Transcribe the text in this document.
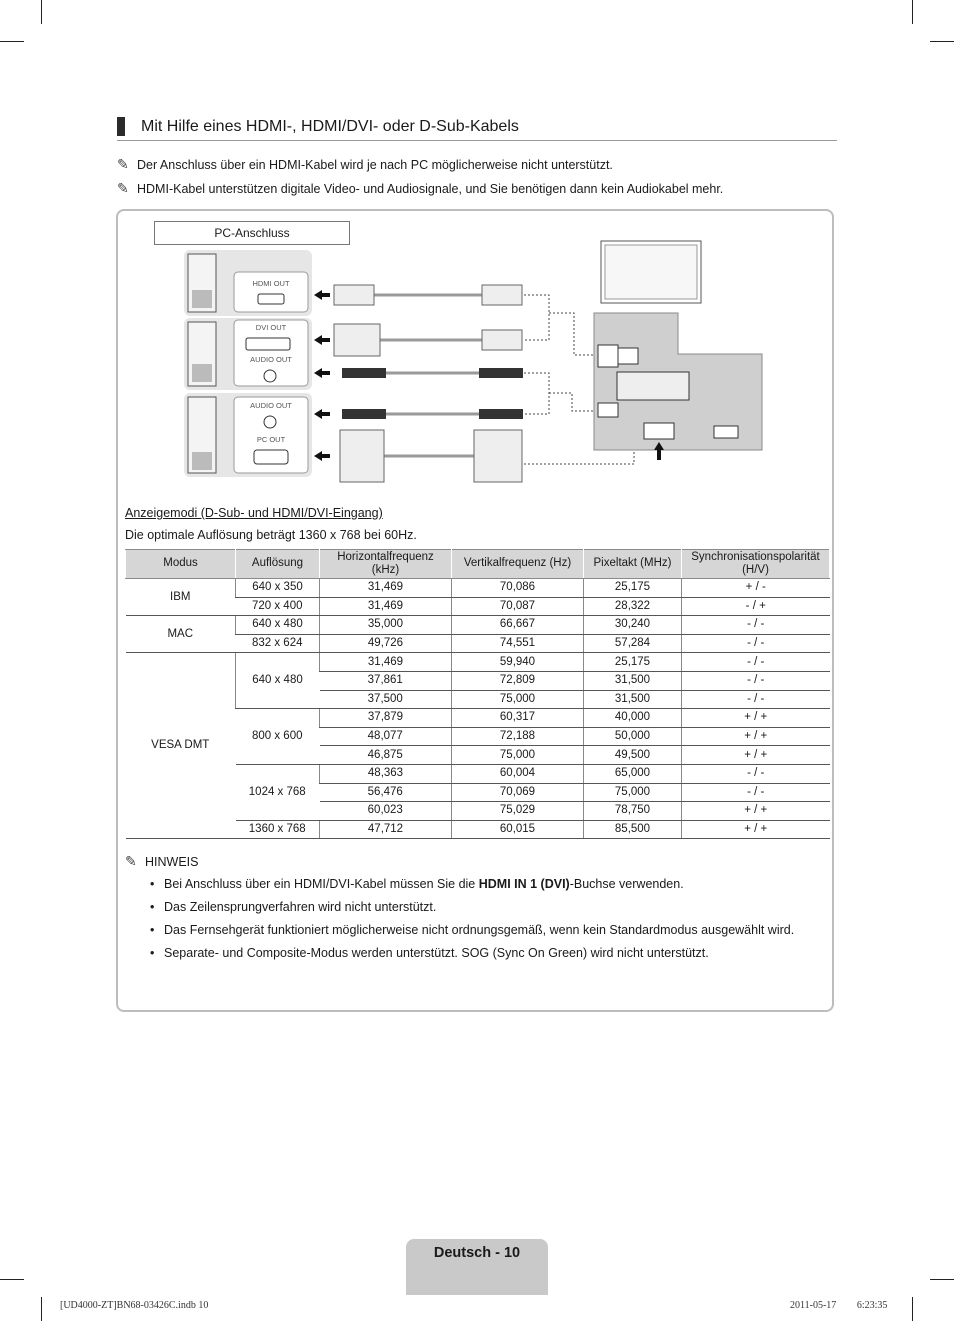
Mit Hilfe eines HDMI-, HDMI/DVI- oder D-Sub-Kabels
✎ Der Anschluss über ein HDMI-Kabel wird je nach PC möglicherweise nicht unterstützt.
✎ HDMI-Kabel unterstützen digitale Video- und Audiosignale, und Sie benötigen dann kein Audiokabel mehr.
PC-Anschluss
HDMI OUT
DVI OUT
AUDIO OUT
AUDIO OUT
PC OUT
Anzeigemodi (D-Sub- und HDMI/DVI-Eingang)
Die optimale Auflösung beträgt 1360 x 768 bei 60Hz.
Modus	Auflösung	Horizontalfrequenz (kHz)	Vertikalfrequenz (Hz)	Pixeltakt (MHz)	Synchronisationspolarität (H/V)
IBM	640 x 350	31,469	70,086	25,175	+ / -
	720 x 400	31,469	70,087	28,322	- / +
MAC	640 x 480	35,000	66,667	30,240	- / -
	832 x 624	49,726	74,551	57,284	- / -
VESA DMT	640 x 480	31,469	59,940	25,175	- / -
		37,861	72,809	31,500	- / -
		37,500	75,000	31,500	- / -
	800 x 600	37,879	60,317	40,000	+ / +
		48,077	72,188	50,000	+ / +
		46,875	75,000	49,500	+ / +
	1024 x 768	48,363	60,004	65,000	- / -
		56,476	70,069	75,000	- / -
		60,023	75,029	78,750	+ / +
	1360 x 768	47,712	60,015	85,500	+ / +
✎ HINWEIS
• Bei Anschluss über ein HDMI/DVI-Kabel müssen Sie die HDMI IN 1 (DVI)-Buchse verwenden.
• Das Zeilensprungverfahren wird nicht unterstützt.
• Das Fernsehgerät funktioniert möglicherweise nicht ordnungsgemäß, wenn kein Standardmodus ausgewählt wird.
• Separate- und Composite-Modus werden unterstützt. SOG (Sync On Green) wird nicht unterstützt.
Deutsch - 10
[UD4000-ZT]BN68-03426C.indb 10	2011-05-17 ￿￿ 6:23:35
